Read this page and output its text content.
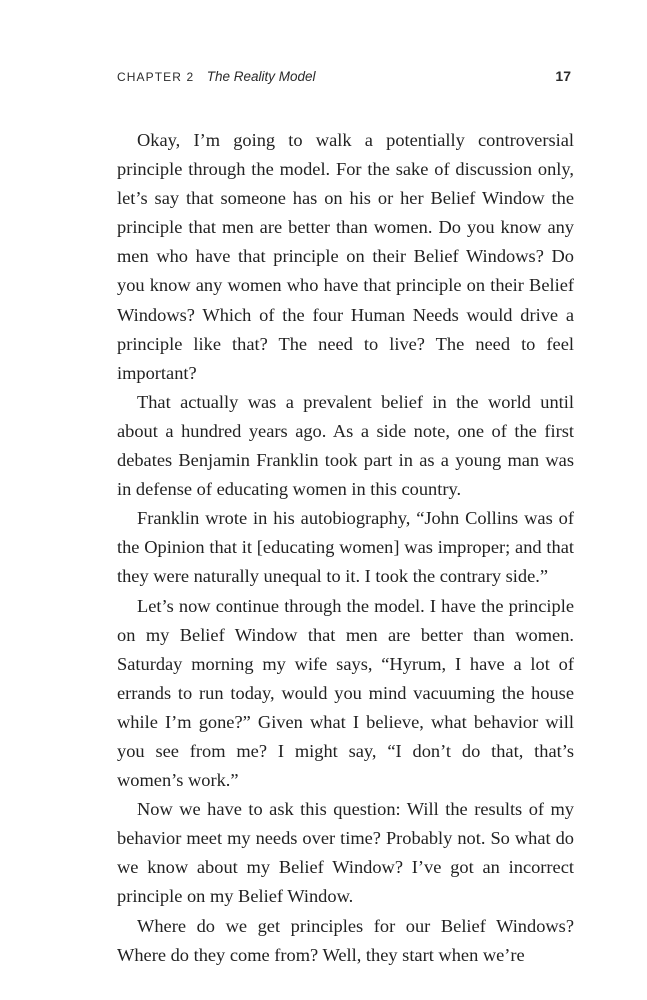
CHAPTER 2 The Reality Model	17

Okay, I’m going to walk a potentially controversial principle through the model. For the sake of discussion only, let’s say that someone has on his or her Belief Window the principle that men are better than women. Do you know any men who have that principle on their Belief Windows? Do you know any women who have that principle on their Belief Windows? Which of the four Human Needs would drive a principle like that? The need to live? The need to feel important?

That actually was a prevalent belief in the world until about a hundred years ago. As a side note, one of the first debates Benjamin Franklin took part in as a young man was in defense of educating women in this country.

Franklin wrote in his autobiography, “John Collins was of the Opinion that it [educating women] was improper; and that they were naturally unequal to it. I took the contrary side.”

Let’s now continue through the model. I have the principle on my Belief Window that men are better than women. Saturday morning my wife says, “Hyrum, I have a lot of errands to run today, would you mind vacuuming the house while I’m gone?” Given what I believe, what behavior will you see from me? I might say, “I don’t do that, that’s women’s work.”

Now we have to ask this question: Will the results of my behavior meet my needs over time? Probably not. So what do we know about my Belief Window? I’ve got an incorrect principle on my Belief Window.

Where do we get principles for our Belief Windows? Where do they come from? Well, they start when we’re
